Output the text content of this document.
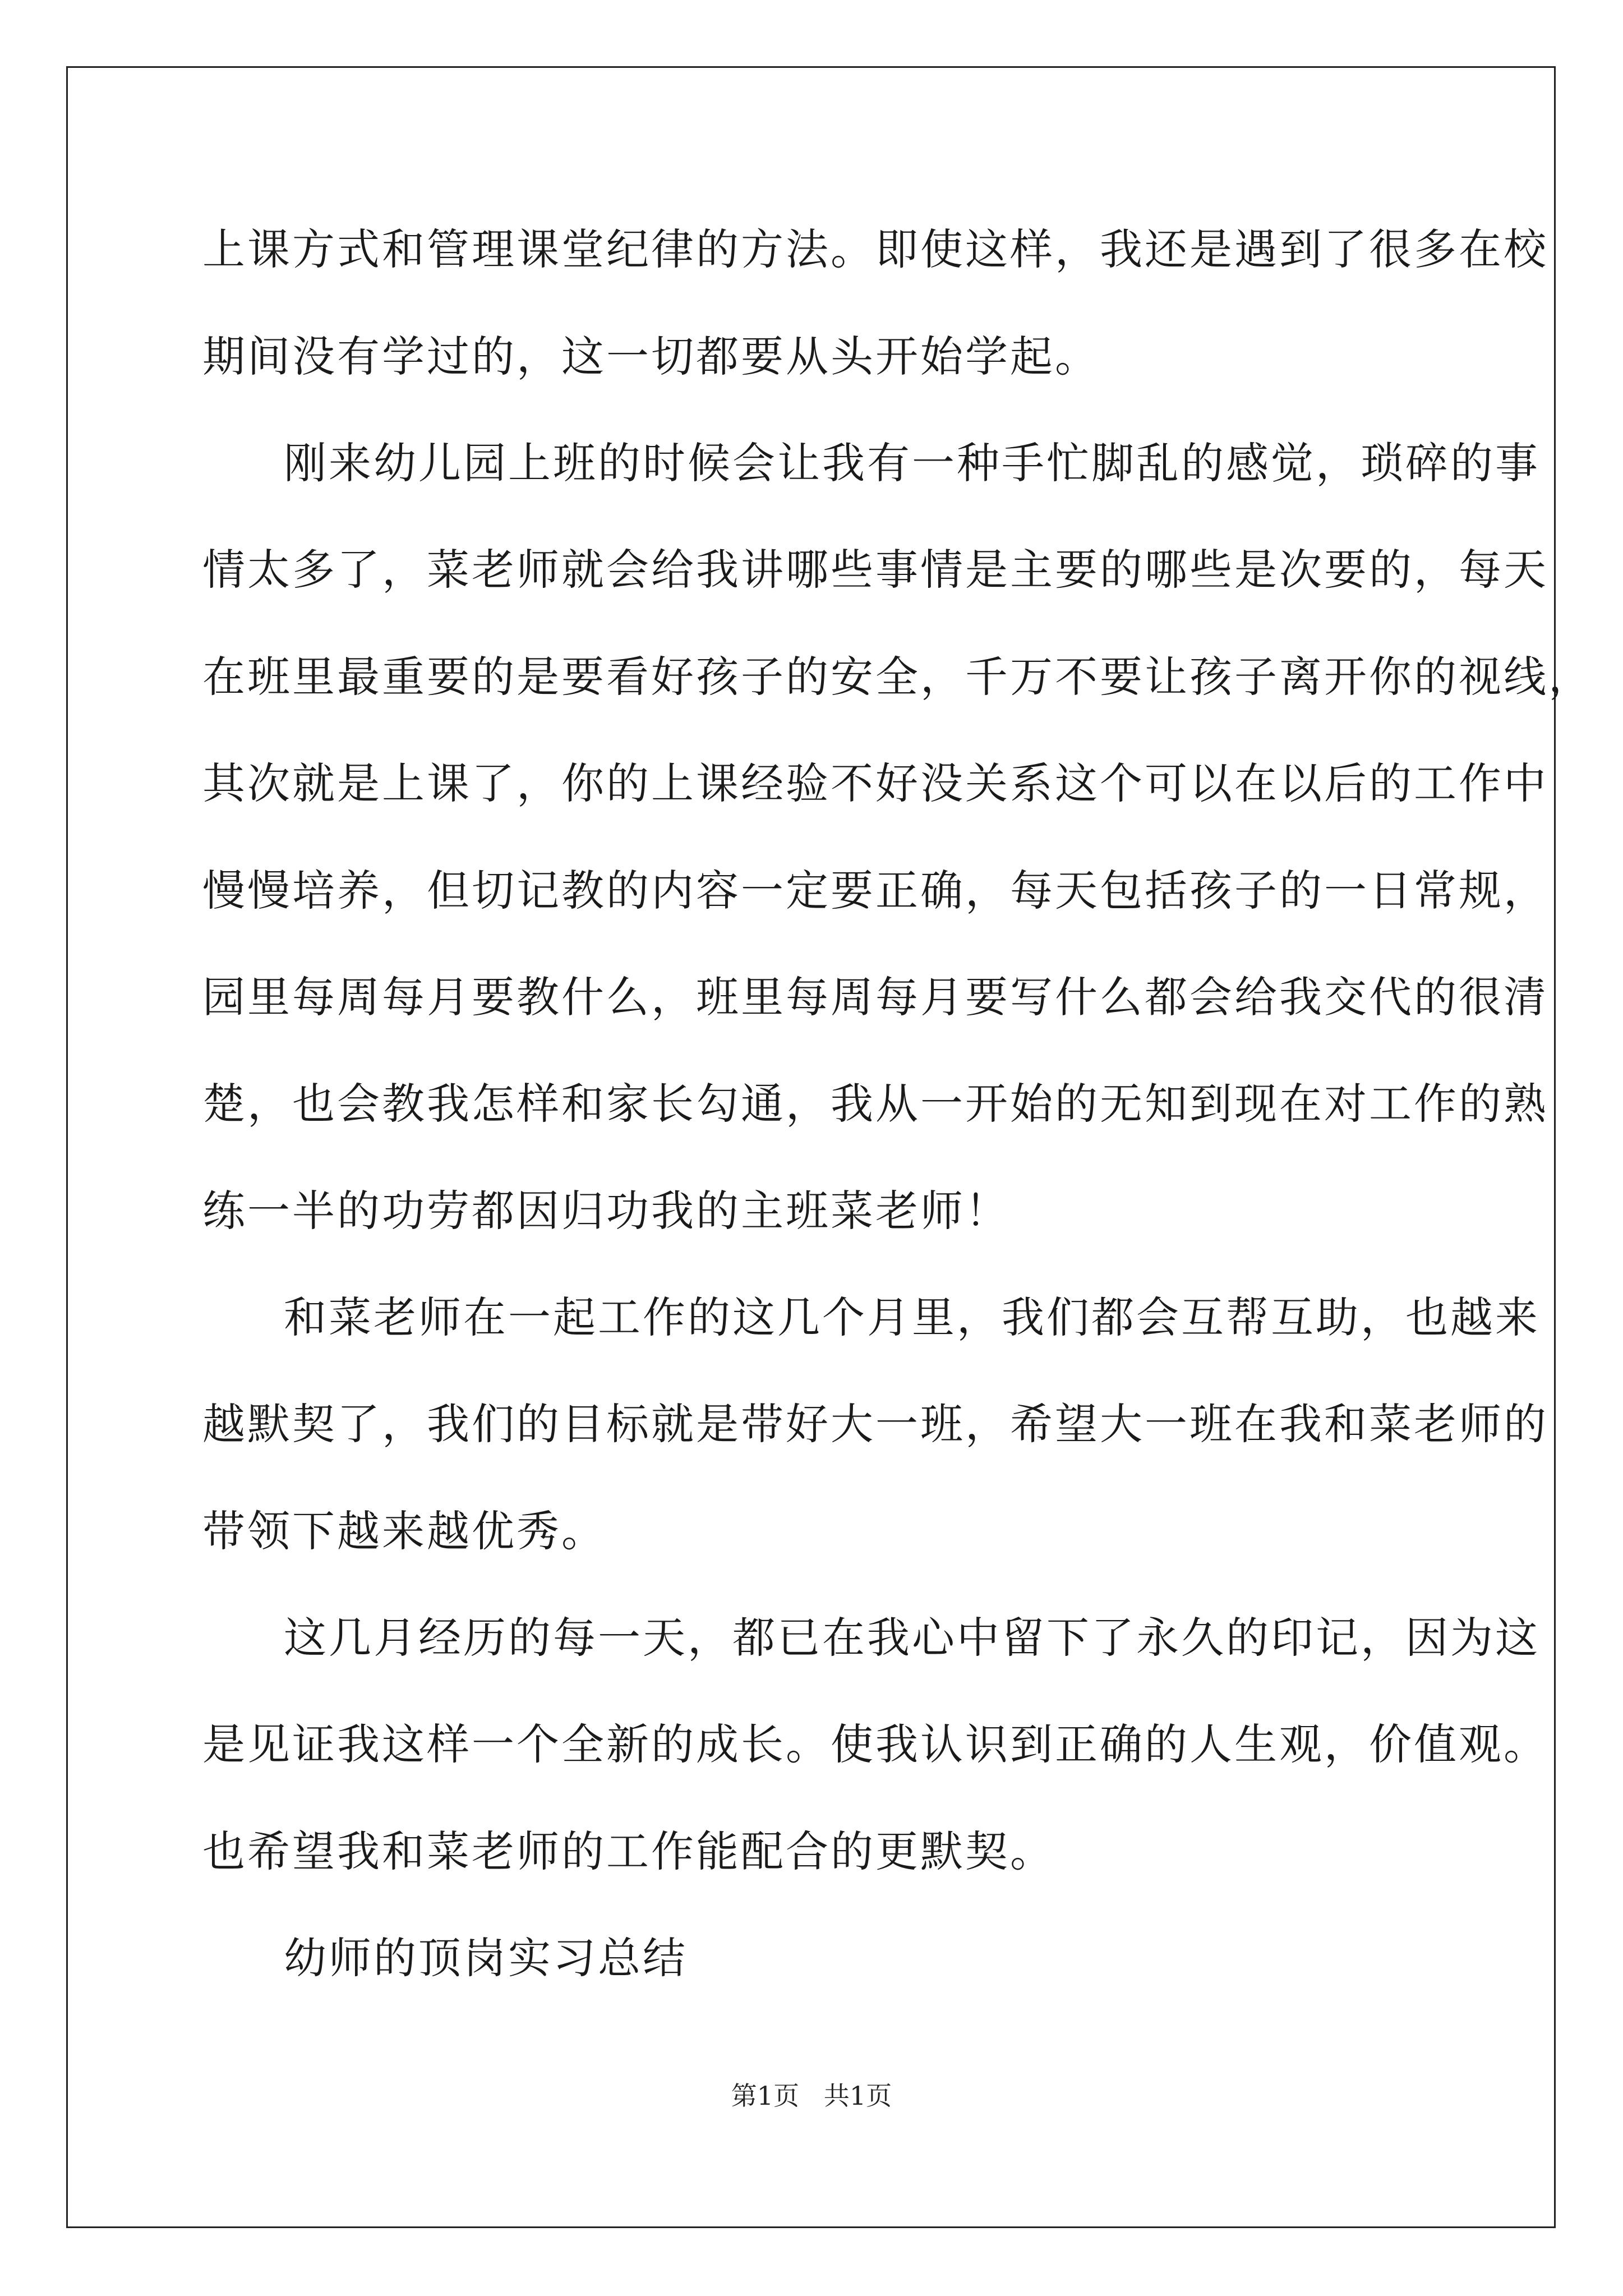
上课方式和管理课堂纪律的方法。即使这样，我还是遇到了很多在校
期间没有学过的，这一切都要从头开始学起。
刚来幼儿园上班的时候会让我有一种手忙脚乱的感觉，琐碎的事
情太多了，菜老师就会给我讲哪些事情是主要的哪些是次要的，每天
在班里最重要的是要看好孩子的安全，千万不要让孩子离开你的视线，
其次就是上课了，你的上课经验不好没关系这个可以在以后的工作中
慢慢培养，但切记教的内容一定要正确，每天包括孩子的一日常规，
园里每周每月要教什么，班里每周每月要写什么都会给我交代的很清
楚，也会教我怎样和家长勾通，我从一开始的无知到现在对工作的熟
练一半的功劳都因归功我的主班菜老师！
和菜老师在一起工作的这几个月里，我们都会互帮互助，也越来
越默契了，我们的目标就是带好大一班，希望大一班在我和菜老师的
带领下越来越优秀。
这几月经历的每一天，都已在我心中留下了永久的印记，因为这
是见证我这样一个全新的成长。使我认识到正确的人生观，价值观。
也希望我和菜老师的工作能配合的更默契。
幼师的顶岗实习总结
第1页   共1页
